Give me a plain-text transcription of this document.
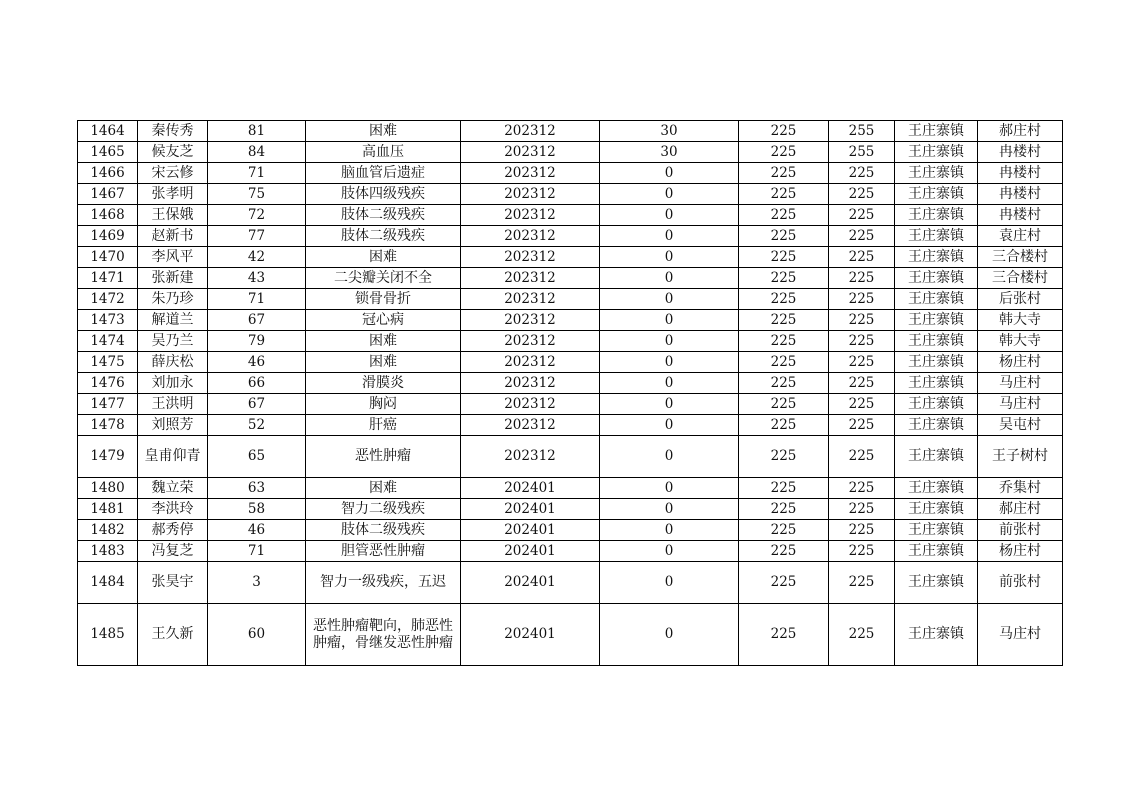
1464	秦传秀	81	困难	202312	30	225	255	王庄寨镇	郝庄村
1465	候友芝	84	高血压	202312	30	225	255	王庄寨镇	冉楼村
1466	宋云修	71	脑血管后遗症	202312	0	225	225	王庄寨镇	冉楼村
1467	张孝明	75	肢体四级残疾	202312	0	225	225	王庄寨镇	冉楼村
1468	王保娥	72	肢体二级残疾	202312	0	225	225	王庄寨镇	冉楼村
1469	赵新书	77	肢体二级残疾	202312	0	225	225	王庄寨镇	袁庄村
1470	李风平	42	困难	202312	0	225	225	王庄寨镇	三合楼村
1471	张新建	43	二尖瓣关闭不全	202312	0	225	225	王庄寨镇	三合楼村
1472	朱乃珍	71	锁骨骨折	202312	0	225	225	王庄寨镇	后张村
1473	解道兰	67	冠心病	202312	0	225	225	王庄寨镇	韩大寺
1474	吴乃兰	79	困难	202312	0	225	225	王庄寨镇	韩大寺
1475	薛庆松	46	困难	202312	0	225	225	王庄寨镇	杨庄村
1476	刘加永	66	滑膜炎	202312	0	225	225	王庄寨镇	马庄村
1477	王洪明	67	胸闷	202312	0	225	225	王庄寨镇	马庄村
1478	刘照芳	52	肝癌	202312	0	225	225	王庄寨镇	吴屯村
1479	皇甫仰青	65	恶性肿瘤	202312	0	225	225	王庄寨镇	王子树村
1480	魏立荣	63	困难	202401	0	225	225	王庄寨镇	乔集村
1481	李洪玲	58	智力二级残疾	202401	0	225	225	王庄寨镇	郝庄村
1482	郝秀停	46	肢体二级残疾	202401	0	225	225	王庄寨镇	前张村
1483	冯复芝	71	胆管恶性肿瘤	202401	0	225	225	王庄寨镇	杨庄村
1484	张昊宇	3	智力一级残疾，五迟	202401	0	225	225	王庄寨镇	前张村
1485	王久新	60	恶性肿瘤靶向，肺恶性肿瘤，骨继发恶性肿瘤	202401	0	225	225	王庄寨镇	马庄村
